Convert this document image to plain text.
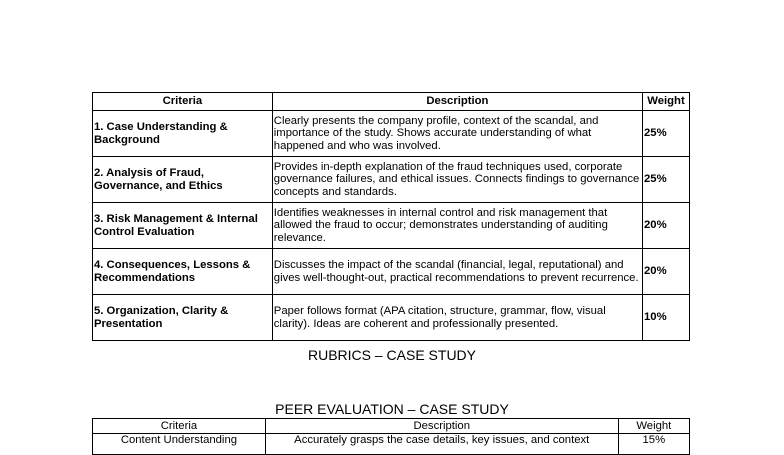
Criteria	Description	Weight
1. Case Understanding & Background	Clearly presents the company profile, context of the scandal, and importance of the study. Shows accurate understanding of what happened and who was involved.	25%
2. Analysis of Fraud, Governance, and Ethics	Provides in-depth explanation of the fraud techniques used, corporate governance failures, and ethical issues. Connects findings to governance concepts and standards.	25%
3. Risk Management & Internal Control Evaluation	Identifies weaknesses in internal control and risk management that allowed the fraud to occur; demonstrates understanding of auditing relevance.	20%
4. Consequences, Lessons & Recommendations	Discusses the impact of the scandal (financial, legal, reputational) and gives well-thought-out, practical recommendations to prevent recurrence.	20%
5. Organization, Clarity & Presentation	Paper follows format (APA citation, structure, grammar, flow, visual clarity). Ideas are coherent and professionally presented.	10%
RUBRICS – CASE STUDY
PEER EVALUATION – CASE STUDY
Criteria	Description	Weight
Content Understanding	Accurately grasps the case details, key issues, and context	15%
